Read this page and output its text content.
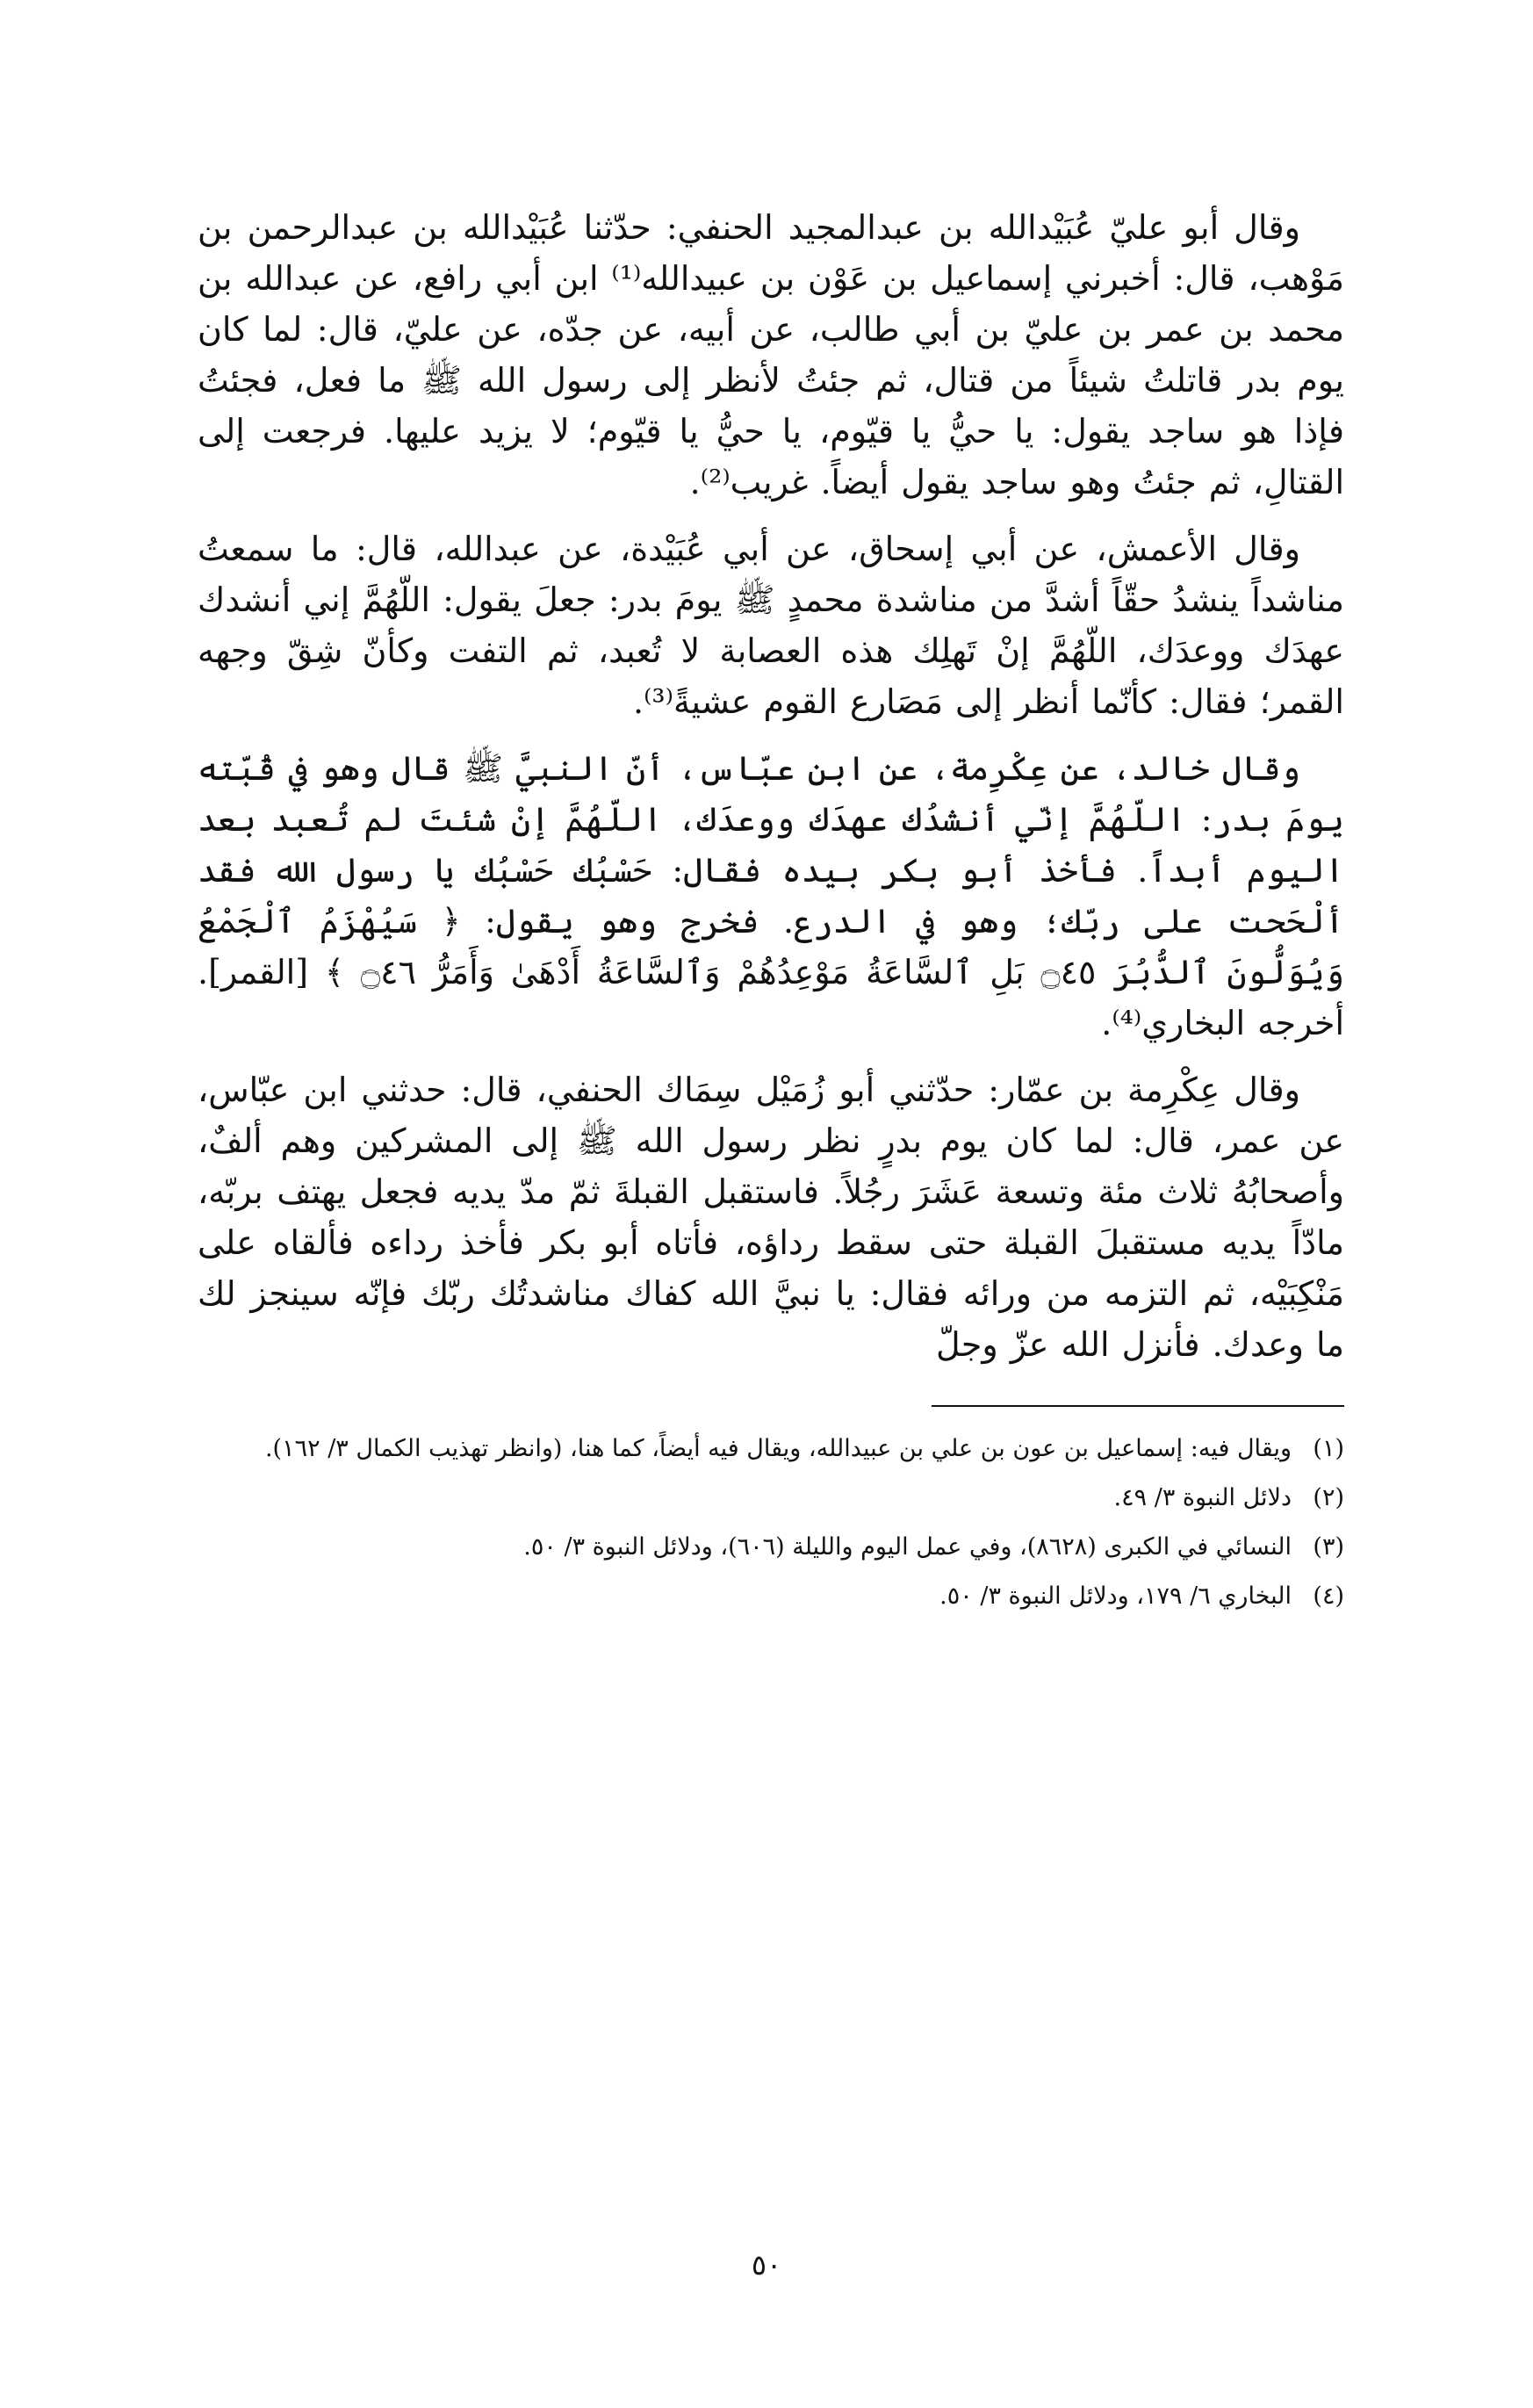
وقال أبو عليّ عُبَيْدالله بن عبدالمجيد الحنفي: حدّثنا عُبَيْدالله بن عبدالرحمن بن مَوْهب، قال: أخبرني إسماعيل بن عَوْن بن عبيدالله⁽¹⁾ ابن أبي رافع، عن عبدالله بن محمد بن عمر بن عليّ بن أبي طالب، عن أبيه، عن جدّه، عن عليّ، قال: لما كان يوم بدر قاتلتُ شيئاً من قتال، ثم جئتُ لأنظر إلى رسول الله ﷺ ما فعل، فجئتُ فإذا هو ساجد يقول: يا حيُّ يا قيّوم، يا حيُّ يا قيّوم؛ لا يزيد عليها. فرجعت إلى القتالِ، ثم جئتُ وهو ساجد يقول أيضاً. غريب⁽²⁾.

وقال الأعمش، عن أبي إسحاق، عن أبي عُبَيْدة، عن عبدالله، قال: ما سمعتُ مناشداً ينشدُ حقّاً أشدَّ من مناشدة محمدٍ ﷺ يومَ بدر: جعلَ يقول: اللّهُمَّ إني أنشدك عهدَك ووعدَك، اللّهُمَّ إنْ تَهلِك هذه العصابة لا تُعبد، ثم التفت وكأنّ شِقّ وجهه القمر؛ فقال: كأنّما أنظر إلى مَصَارع القوم عشيةً⁽³⁾.

وقال خالد، عن عِكْرِمة، عن ابن عبّاس، أنّ النبيَّ ﷺ قال وهو في قُبّته يومَ بدر: اللّهُمَّ إنّي أنشدُك عهدَك ووعدَك، اللّهُمَّ إنْ شئتَ لم تُعبد بعد اليوم أبداً. فأخذ أبو بكر بيده فقال: حَسْبُك حَسْبُك يا رسول الله فقد ألْحَحت على ربّك؛ وهو في الدرع. فخرج وهو يقول: ﴿ سَيُهْزَمُ ٱلْجَمْعُ وَيُوَلُّونَ ٱلدُّبُرَ ۝٤٥ بَلِ ٱلسَّاعَةُ مَوْعِدُهُمْ وَٱلسَّاعَةُ أَدْهَىٰ وَأَمَرُّ ۝٤٦ ﴾ [القمر]. أخرجه البخاري⁽⁴⁾.

وقال عِكْرِمة بن عمّار: حدّثني أبو زُمَيْل سِمَاك الحنفي، قال: حدثني ابن عبّاس، عن عمر، قال: لما كان يوم بدرٍ نظر رسول الله ﷺ إلى المشركين وهم ألفٌ، وأصحابُهُ ثلاث مئة وتسعة عَشَرَ رجُلاً. فاستقبل القبلةَ ثمّ مدّ يديه فجعل يهتف بربّه، مادّاً يديه مستقبلَ القبلة حتى سقط رداؤه، فأتاه أبو بكر فأخذ رداءه فألقاه على مَنْكِبَيْه، ثم التزمه من ورائه فقال: يا نبيَّ الله كفاك مناشدتُك ربّك فإنّه سينجز لك ما وعدك. فأنزل الله عزّ وجلّ

(١)
ويقال فيه: إسماعيل بن عون بن علي بن عبيدالله، ويقال فيه أيضاً، كما هنا، (وانظر تهذيب الكمال ٣/ ١٦٢).
(٢)
دلائل النبوة ٣/ ٤٩.
(٣)
النسائي في الكبرى (٨٦٢٨)، وفي عمل اليوم والليلة (٦٠٦)، ودلائل النبوة ٣/ ٥٠.
(٤)
البخاري ٦/ ١٧٩، ودلائل النبوة ٣/ ٥٠.
٥٠
